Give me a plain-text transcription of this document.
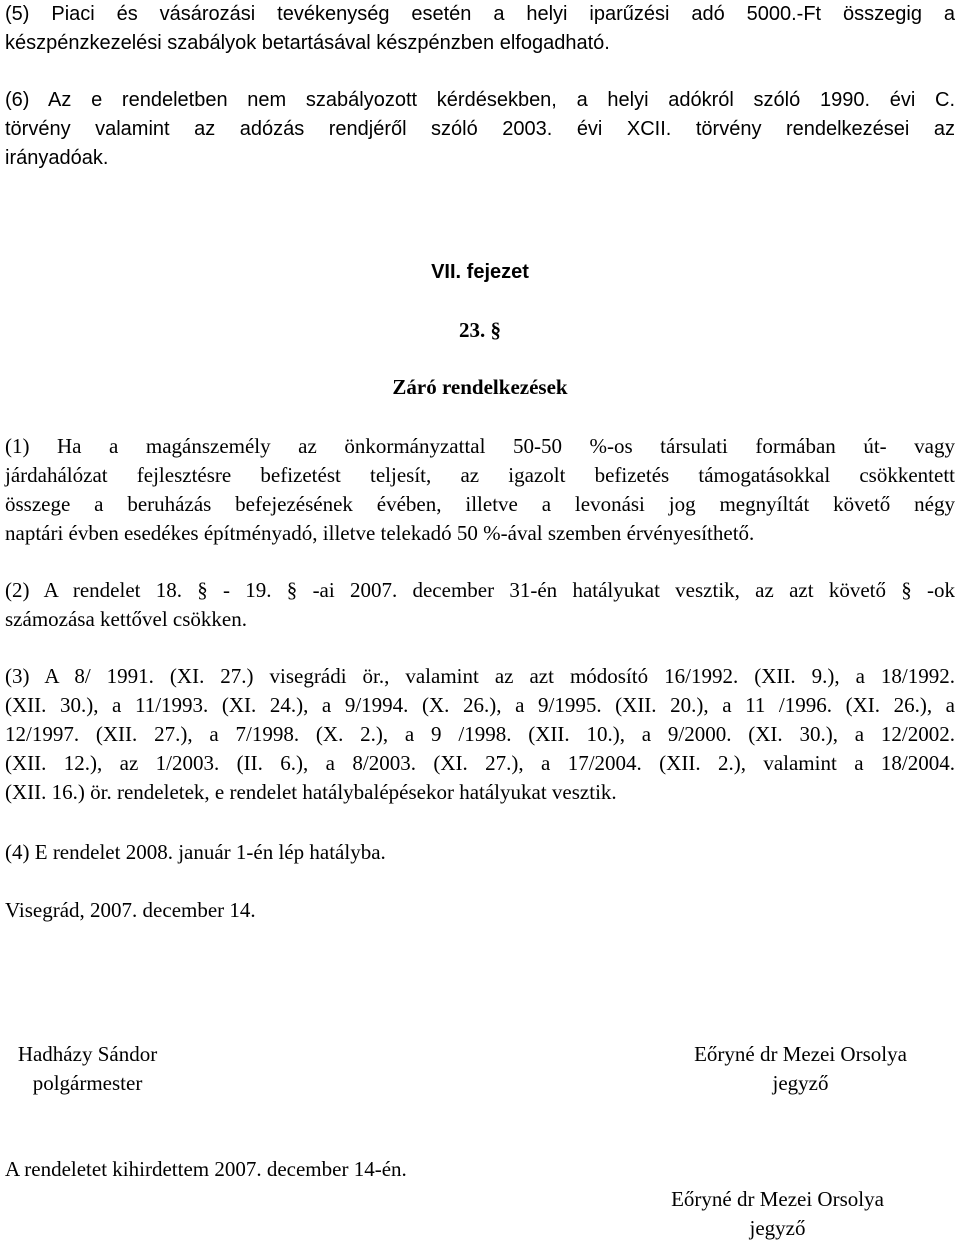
(5) Piaci és vásározási tevékenység esetén a helyi iparűzési adó 5000.-Ft összegig a
készpénzkezelési szabályok betartásával készpénzben elfogadható.
(6) Az e rendeletben nem szabályozott kérdésekben, a helyi adókról szóló 1990. évi C.
törvény valamint az adózás rendjéről szóló 2003. évi XCII. törvény rendelkezései az
irányadóak.
VII. fejezet
23. §
Záró rendelkezések
(1) Ha a magánszemély az önkormányzattal 50-50 %-os társulati formában út- vagy
járdahálózat fejlesztésre befizetést teljesít, az igazolt befizetés támogatásokkal csökkentett
összege a beruházás befejezésének évében, illetve a levonási jog megnyíltát követő négy
naptári évben esedékes építményadó, illetve telekadó 50 %-ával szemben érvényesíthető.
(2) A rendelet 18. § - 19. § -ai 2007. december 31-én hatályukat vesztik, az azt követő § -ok
számozása kettővel csökken.
(3) A 8/ 1991. (XI. 27.) visegrádi ör., valamint az azt módosító 16/1992. (XII. 9.), a 18/1992.
(XII. 30.), a 11/1993. (XI. 24.), a 9/1994. (X. 26.), a 9/1995. (XII. 20.), a 11 /1996. (XI. 26.), a
12/1997. (XII. 27.), a 7/1998. (X. 2.), a 9 /1998. (XII. 10.), a 9/2000. (XI. 30.), a 12/2002.
(XII. 12.), az 1/2003. (II. 6.), a 8/2003. (XI. 27.), a 17/2004. (XII. 2.), valamint a 18/2004.
(XII. 16.) ör. rendeletek, e rendelet hatálybalépésekor hatályukat vesztik.
(4) E rendelet 2008. január 1-én lép hatályba.
Visegrád, 2007. december 14.
Hadházy Sándor
polgármester
Eőryné dr Mezei Orsolya
jegyző
A rendeletet kihirdettem 2007. december 14-én.
Eőryné dr Mezei Orsolya
jegyző
